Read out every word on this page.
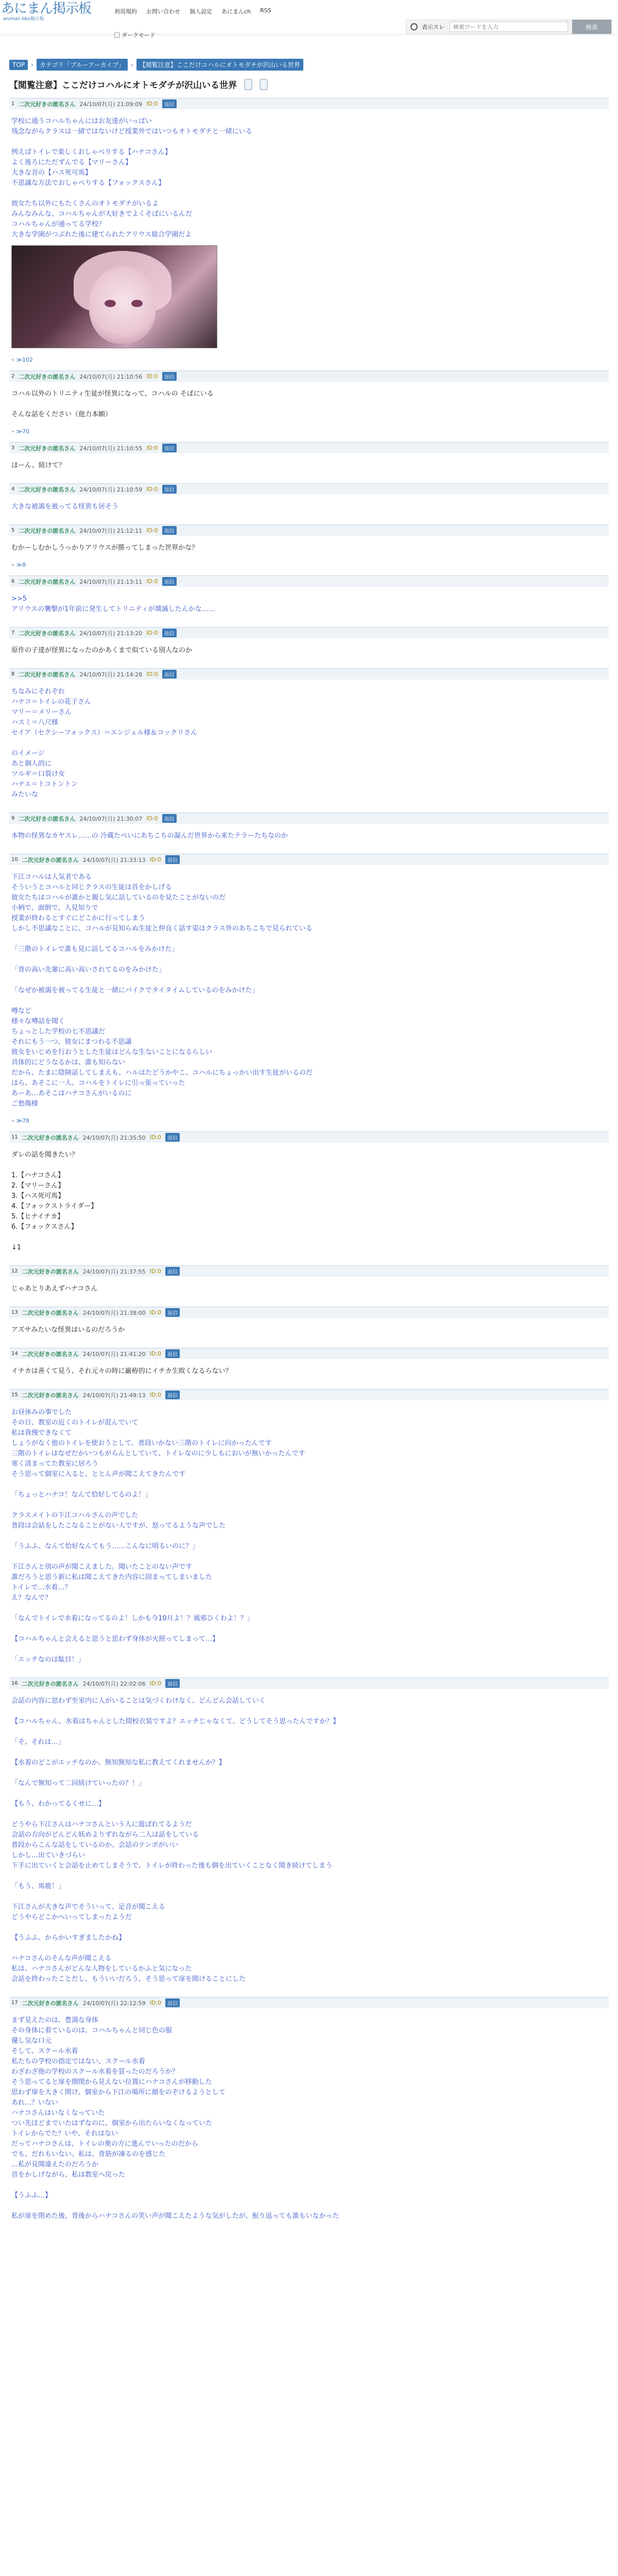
あにまん掲示板
animan bbs掲示板
利用規約 お問い合わせ 個人設定 あにまんch RSS
ダークモード
表示スレ
検索ワードを入力	検索
TOP	›	カテゴリ「ブルーアーカイブ」	›	【閲覧注意】ここだけコハルにオトモダチが沢山いる世界
【閲覧注意】ここだけコハルにオトモダチが沢山いる世界
1 二次元好きの匿名さん 24/10/07(月) 21:09:09 ID:0	返信
学校に通うコハルちゃんにはお友達がいっぱい
残念ながらクラスは一緒ではないけど授業外ではいつもオトモダチと一緒にいる

例えばトイレで楽しくおしゃべりする【ハナコさん】
よく後ろにただずんでる【マリーさん】
大きな音の【ハス死可馬】
不思議な方法でおしゃべりする【フォックスさん】

彼女たち以外にもたくさんのオトモダチがいるよ
みんなみんな、コハルちゃんが大好きでよくそばにいるんだ
コハルちゃんが通ってる学校？
大きな学園がつぶれた後に建てられたアリウス総合学園だよ
⤷ ≫102
2 二次元好きの匿名さん 24/10/07(月) 21:10:56 ID:0	返信
コハル以外のトリニティ生徒が怪異になって、コハルの そばにいる

そんな話をください（他力本願）
⤷ ≫70
3 二次元好きの匿名さん 24/10/07(月) 21:10:55 ID:0	返信
ほーん、続けて？
4 二次元好きの匿名さん 24/10/07(月) 21:10:59 ID:0	返信
大きな被謁を被ってる怪異も居そう
5 二次元好きの匿名さん 24/10/07(月) 21:12:11 ID:0	返信
むかーしむかしうっかりアリウスが勝ってしまった世界かな？
⤷ ≫8
6 二次元好きの匿名さん 24/10/07(月) 21:13:11 ID:0	返信
>>5
アリウスの襲撃が1年前に発生してトリニティが壊滅したんかな……
7 二次元好きの匿名さん 24/10/07(月) 21:13:20 ID:0	返信
原作の子達が怪異になったのかあくまで似ている別人なのか
8 二次元好きの匿名さん 24/10/07(月) 21:14:28 ID:0	返信
ちなみにそれぞれ
ハナコ＝トイレの花子さん
マリー＝メリーさん
ハスミ＝八尺様
セイア（セクシーフォックス）＝エンジェル様＆コックリさん

のイメージ
あと個人的に
ツルギ＝口裂け女
ハナエ＝トコトントン
みたいな
9 二次元好きの匿名さん 24/10/07(月) 21:30:07 ID:0	返信
本物の怪異なカヤスレ……の 冷蔵たべいにあちこちの凝んだ世界から来たテラーたちなのか
10 二次元好きの匿名さん 24/10/07(月) 21:33:13 ID:0	返信
下江コハルは人気者である
そういうとコハルと同じクラスの生徒は首をかしげる
彼女たちはコハルが誰かと親し気に話しているのを見たことがないのだ
小柄で、面倒で、人見知りで
授業が終わるとすぐにどこかに行ってしまう
しかし不思議なことに、コハルが見知らぬ生徒と仲良く話す姿はクラス外のあちこちで見られている

「三階のトイレで誰も見に話してるコハルをみかけた」

「背の高い先輩に高い高いされてるのをみかけた」

「なぜか被謁を被ってる生徒と一緒にパイクでタイタイムしているのをみかけた」

噂など
様々な噂話を聞く
ちょっとした学校の七不思議だ
それにもう一つ、彼女にまつわる不思議
彼女をいじめを行おうとした生徒はどんな生ないことになるらしい
具体的にどうなるかは、誰も知らない
だから、たまに陰険話してしまえも、ハルはたどうかやこ、コハルにちょっかい出す生徒がいるのだ
ほら、あそこに一人、コハルをトイレに引っ張っていった
あーあ…あそこはハナコさんがいるのに
ご愁傷様
⤷ ≫78
11 二次元好きの匿名さん 24/10/07(月) 21:35:50 ID:0	返信
ダレの話を聞きたい？

1.【ハナコさん】
2.【マリーさん】
3.【ハス死可馬】
4.【フォックストライダー】
5.【ヒナイチカ】
6.【フォックスさん】

↓1
12 二次元好きの匿名さん 24/10/07(月) 21:37:55 ID:0	返信
じゃあとりあえずハナコさん
13 二次元好きの匿名さん 24/10/07(月) 21:38:00 ID:0	返信
アズサみたいな怪異はいるのだろうか
14 二次元好きの匿名さん 24/10/07(月) 21:41:20 ID:0	返信
イチカは善くて見う、それ元々の時に巌栫的にイチカ生敗くなるらない？
15 二次元好きの匿名さん 24/10/07(月) 21:49:13 ID:0	返信
お昼休みの事でした
その日、教室の近くのトイレが混んでいて
私は我慢できなくて
しょうがなく他のトイレを使おうとして、普段いかない三階のトイレに向かったんです
三階のトイレはなぜだかいつもがらんとしていて、トイレなのに少しもにおいが無いかったんです
寒く清まってた教室に居ろう
そう思って個室に入ると、ととん声が聞こえてきたんです

「ちょっとハナコ！なんて恰好してるのよ！」

クラスメイトの下江コハルさんの声でした
普段は会話をしたこなることがない人ですが、怒ってるような声でした

「うふふ、なんて恰好なんてもう……こんなに明るいのに？」

下江さんと別の声が聞こえました。聞いたことのない声です
誰だろうと思う新に私は聞こえてきた内容に固まってしまいました
トイレで…水着…？
え？なんで？

「なんでトイレで水着になってるのよ！しかも今10月よ！？風邪ひくわよ！？」

【コハルちゃんと会えると思うと思わず身体が火照ってしまって…】

「エッチなのは駄目！」
16 二次元好きの匿名さん 24/10/07(月) 22:02:06 ID:0	返信
会話の内容に思わず至室内に人がいることは気づくわけなく、どんどん会話していく

【コハルちゃん、水着はちゃんとした間校衣装ですよ？エッチじゃなくて、どうしてそう思ったんですか？】

「そ、それは…」

【水着のどこがエッチなのか、無知無知な私に教えてくれませんか？】

「なんで無知って二回続けていったの？！」

【もう、わかってるくせに…】

どうやら下江さんはハナコさんという人に遊ばれてるようだ
会話の方向がどんどん妖めよりずれながら二人は話をしている
普段からこんな話をしているのか、会話のテンポがいい
しかし…出ていきづらい
下手に出ていくと会話を止めてしまそうで、トイレが終わった後も個を出ていくことなく聞き続けてしまう

「もう、馬鹿！」

下江さんが大きな声でそういって、足音が聞こえる
どうやらどこかへいってしまったようだ

【うふふ、からかいすぎましたかね】

ハナコさんのそんな声が聞こえる
私は、ハナコさんがどんな人物をしているかふと気になった
会話を終わったことだし、もういいだろう、そう思って扉を開けることにした
17 二次元好きの匿名さん 24/10/07(月) 22:12:59 ID:0	返信
まず見えたのは、豊満な身体
その身体に着ているのは、コハルちゃんと同じ色の服
優し気な口元
そして、スクール水着
私たちの学校の指定ではない、スクール水着
わざわざ他の学校のスクール水着を買ったのだろうか？
そう思ってると扉を開閉から見えない位置にハナコさんが移動した
思わず扉を大きく開け、個室から下江の場所に顔をのぞけるようとして
あれ…？いない
ハナコさんはいなくなっていた
つい先ほどまでいたはずなのに、個室から出たらいなくなっていた
トイレからでた？いや、それはない
だってハナコさんは、トイレの奥の方に進んでいったのだから
でも、だれもいない。私は、背筋が凍るのを感じた
…私が見聞違えたのだろうか
首をかしげながら、私は教室へ戻った

【うふふ…】

私が扉を閉めた後、背後からハナコさんの笑い声が聞こえたような気がしたが、振り返っても誰もいなかった
